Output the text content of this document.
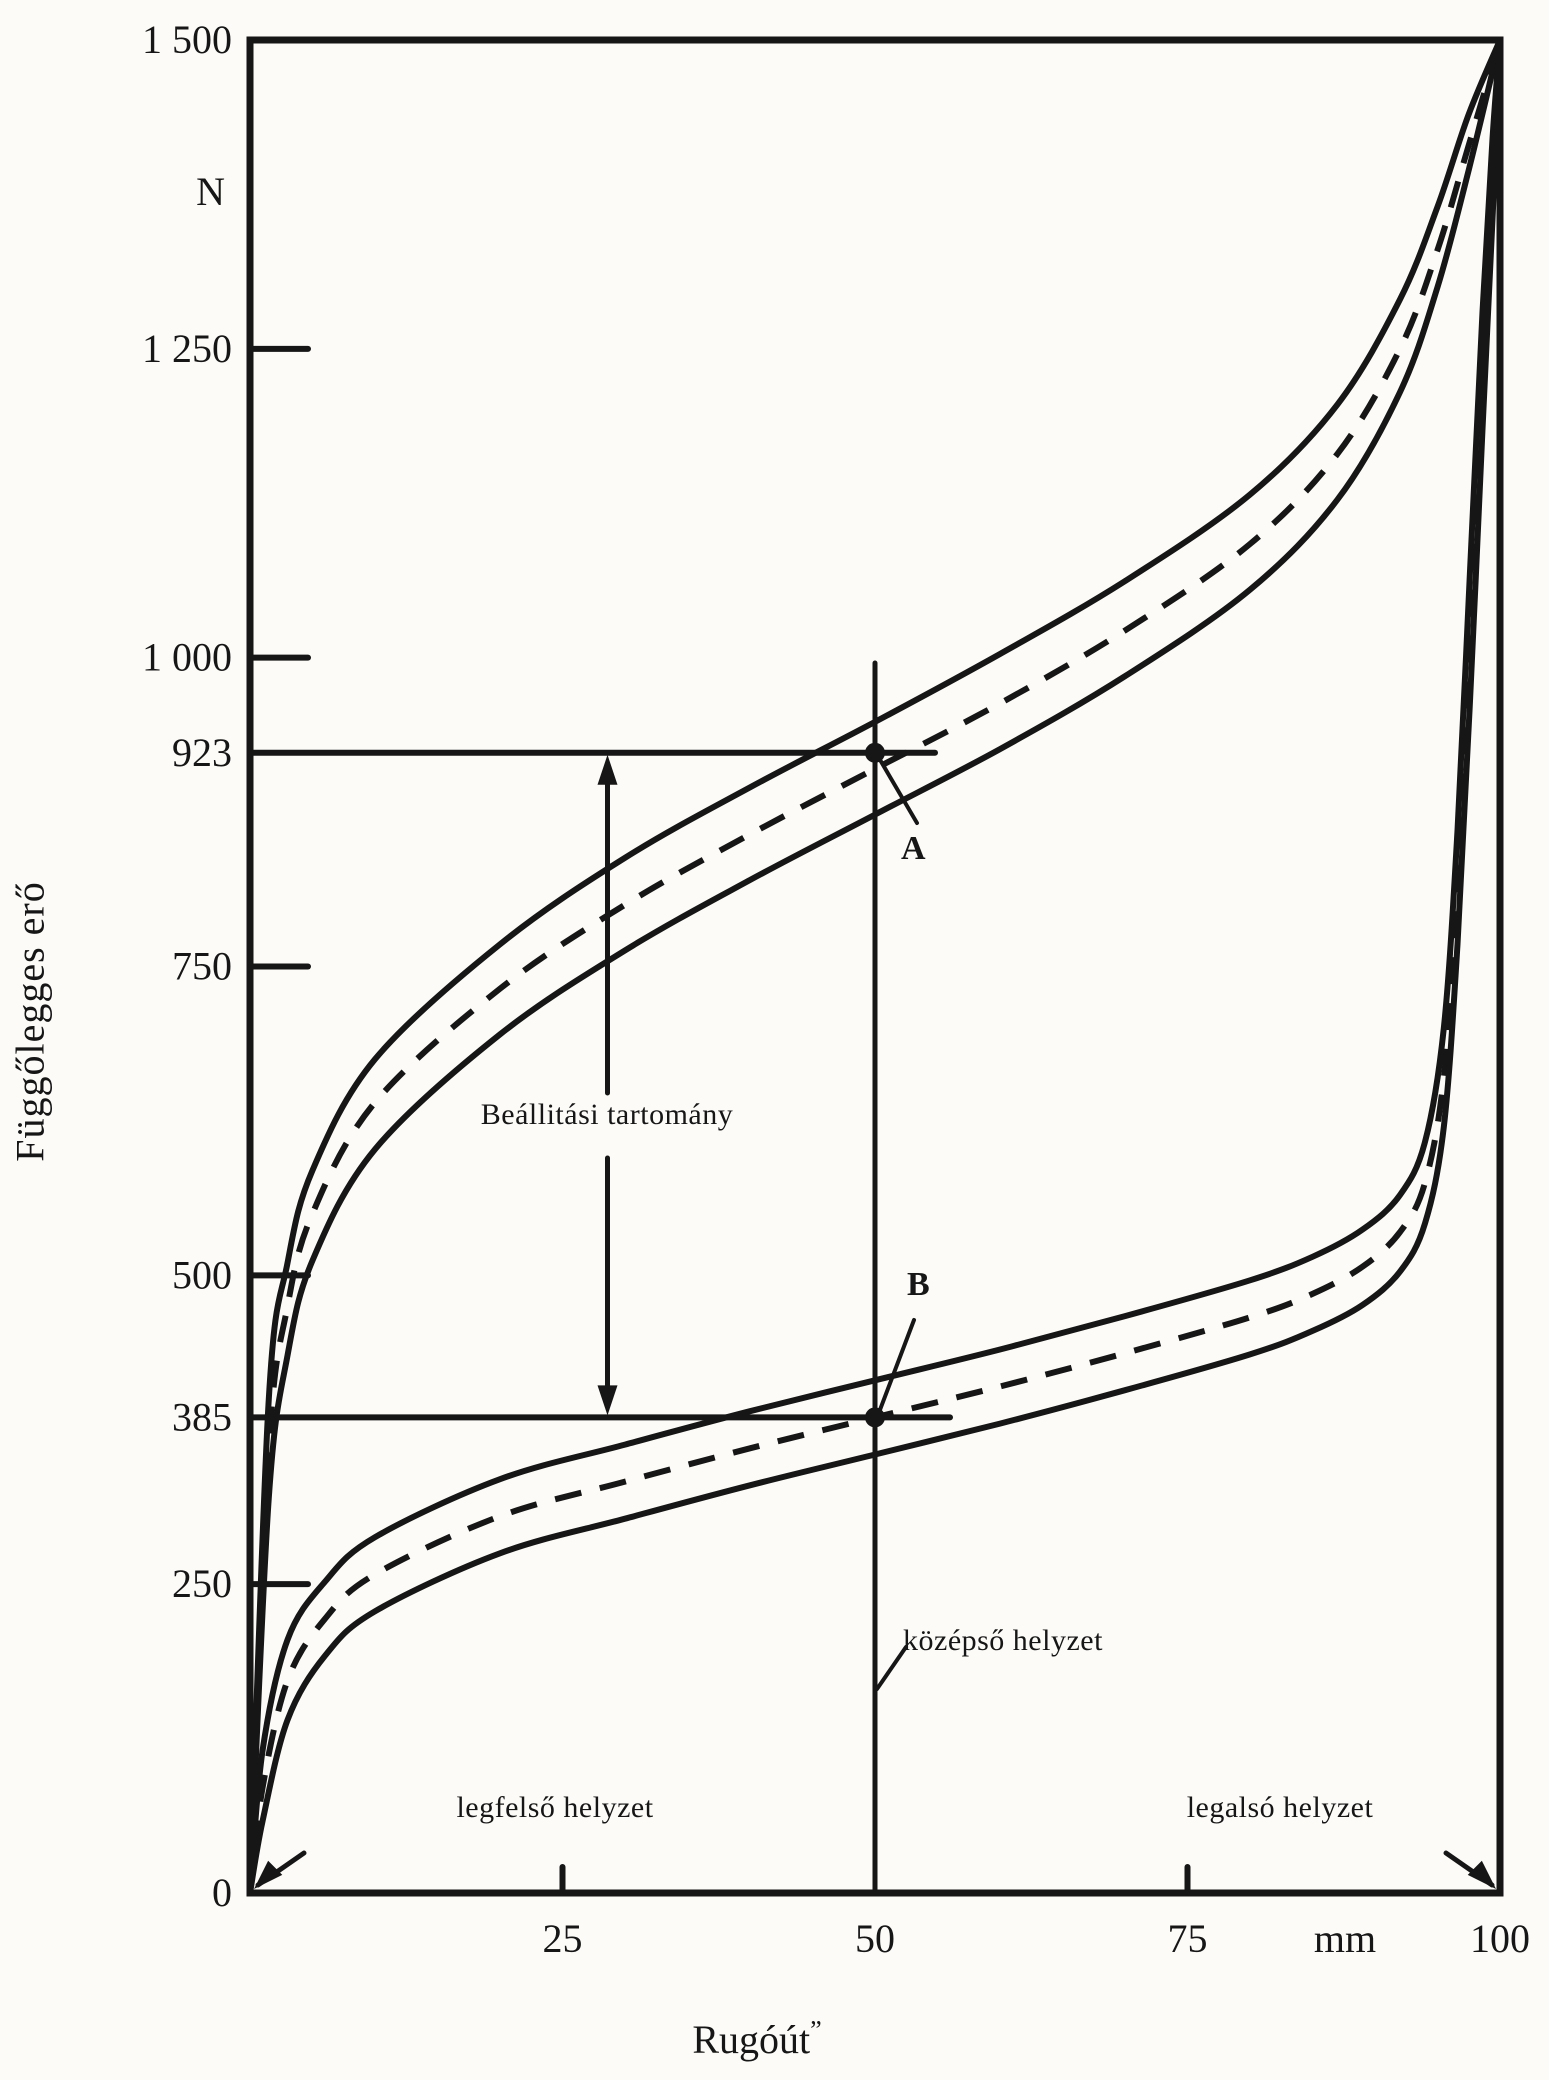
1 500
1 250
1 000
923
750
500
385
250
0
25	50	75	100
mm
N
Függőlegges erő	Beállitási tartomány
A
B
középső helyzet
legfelső helyzet	legalsó helyzet
Rugóút”
